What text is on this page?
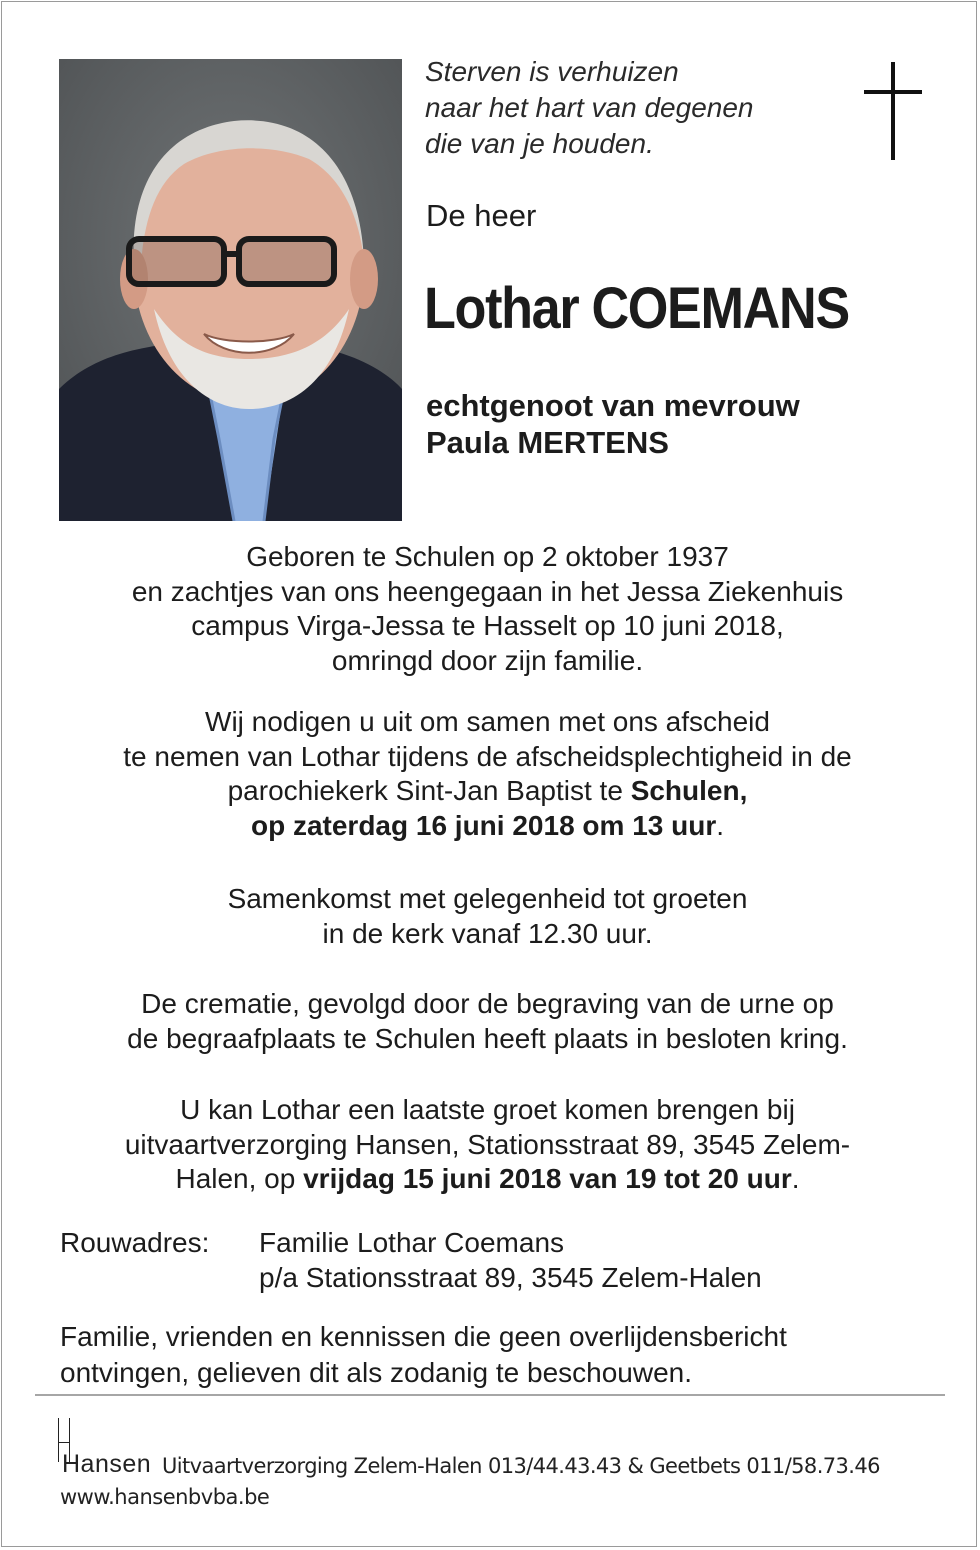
Sterven is verhuizen
naar het hart van degenen
die van je houden.
De heer
Lothar COEMANS
echtgenoot van mevrouw
Paula MERTENS
Geboren te Schulen op 2 oktober 1937
en zachtjes van ons heengegaan in het Jessa Ziekenhuis
campus Virga-Jessa te Hasselt op 10 juni 2018,
omringd door zijn familie.
Wij nodigen u uit om samen met ons afscheid
te nemen van Lothar tijdens de afscheidsplechtigheid in de
parochiekerk Sint-Jan Baptist te Schulen,
op zaterdag 16 juni 2018 om 13 uur.
Samenkomst met gelegenheid tot groeten
in de kerk vanaf 12.30 uur.
De crematie, gevolgd door de begraving van de urne op
de begraafplaats te Schulen heeft plaats in besloten kring.
U kan Lothar een laatste groet komen brengen bij
uitvaartverzorging Hansen, Stationsstraat 89, 3545 Zelem-
Halen, op vrijdag 15 juni 2018 van 19 tot 20 uur.
Rouwadres: Familie Lothar Coemans
p/a Stationsstraat 89, 3545 Zelem-Halen
Familie, vrienden en kennissen die geen overlijdensbericht
ontvingen, gelieven dit als zodanig te beschouwen.
Hansen Uitvaartverzorging Zelem-Halen 013/44.43.43 & Geetbets 011/58.73.46
www.hansenbvba.be
